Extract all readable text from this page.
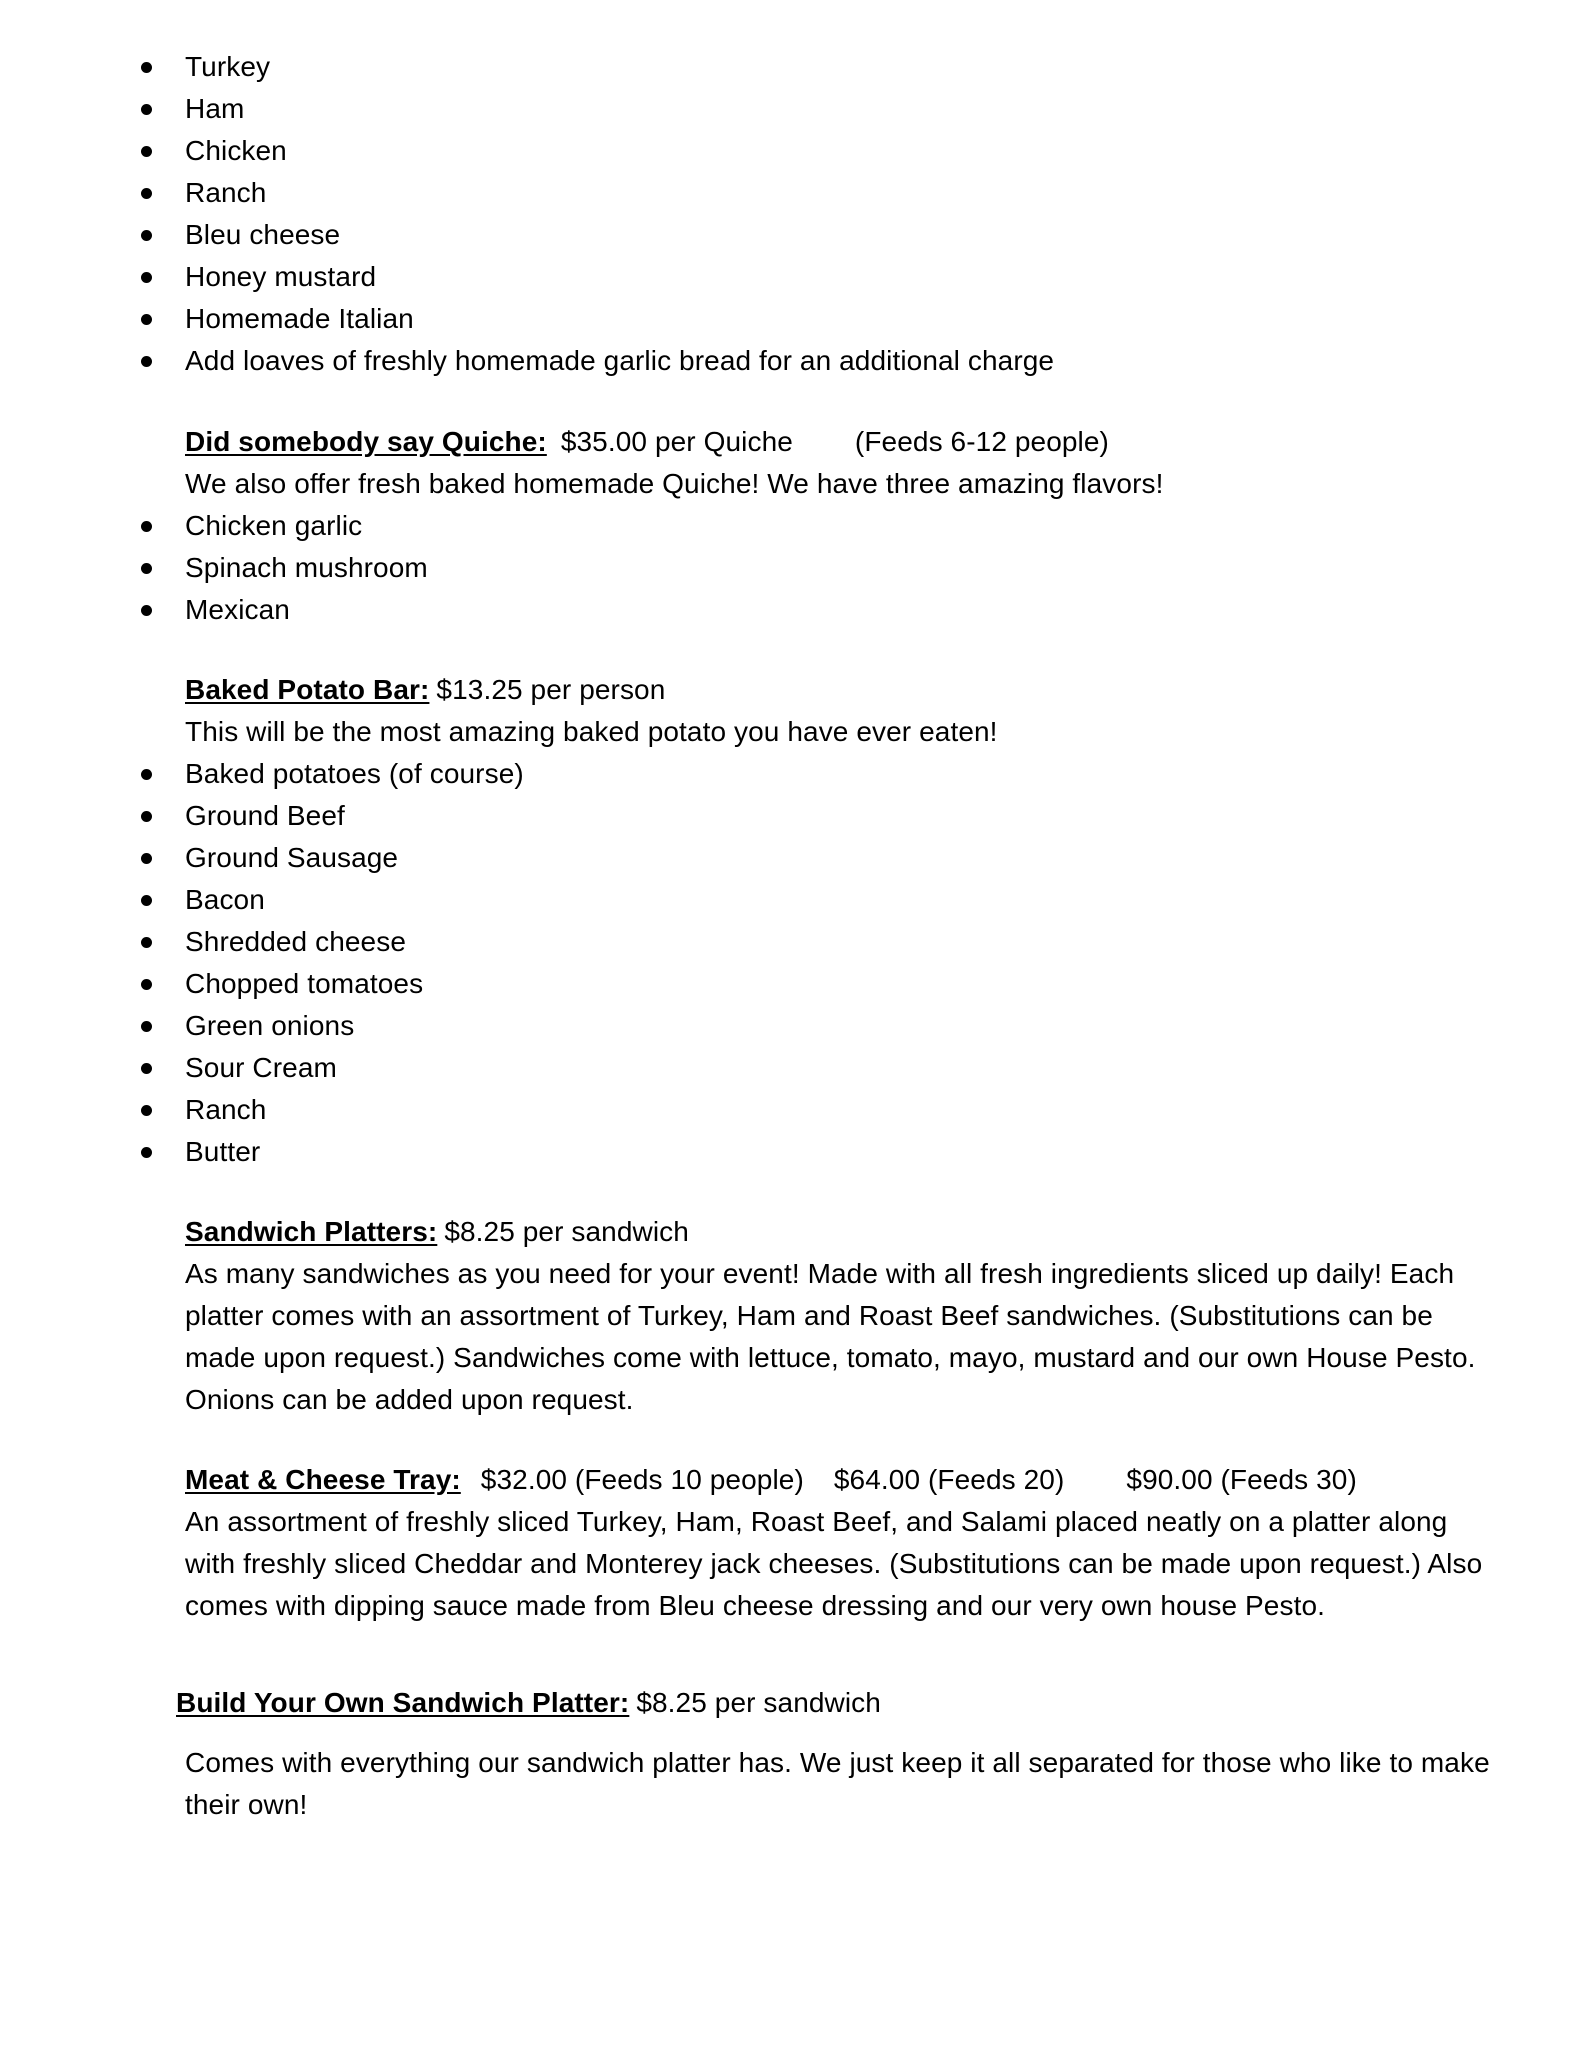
Turkey
Ham
Chicken
Ranch
Bleu cheese
Honey mustard
Homemade Italian
Add loaves of freshly homemade garlic bread for an additional charge
Did somebody say Quiche: $35.00 per Quiche (Feeds 6-12 people)

We also offer fresh baked homemade Quiche! We have three amazing flavors!

Chicken garlic
Spinach mushroom
Mexican
Baked Potato Bar: $13.25 per person

This will be the most amazing baked potato you have ever eaten!

Baked potatoes (of course)
Ground Beef
Ground Sausage
Bacon
Shredded cheese
Chopped tomatoes
Green onions
Sour Cream
Ranch
Butter
Sandwich Platters: $8.25 per sandwich

As many sandwiches as you need for your event! Made with all fresh ingredients sliced up daily! Each platter comes with an assortment of Turkey, Ham and Roast Beef sandwiches. (Substitutions can be made upon request.) Sandwiches come with lettuce, tomato, mayo, mustard and our own House Pesto. Onions can be added upon request.

Meat & Cheese Tray: $32.00 (Feeds 10 people) $64.00 (Feeds 20) $90.00 (Feeds 30)

An assortment of freshly sliced Turkey, Ham, Roast Beef, and Salami placed neatly on a platter along with freshly sliced Cheddar and Monterey jack cheeses. (Substitutions can be made upon request.) Also comes with dipping sauce made from Bleu cheese dressing and our very own house Pesto.

Build Your Own Sandwich Platter: $8.25 per sandwich

Comes with everything our sandwich platter has. We just keep it all separated for those who like to make their own!
